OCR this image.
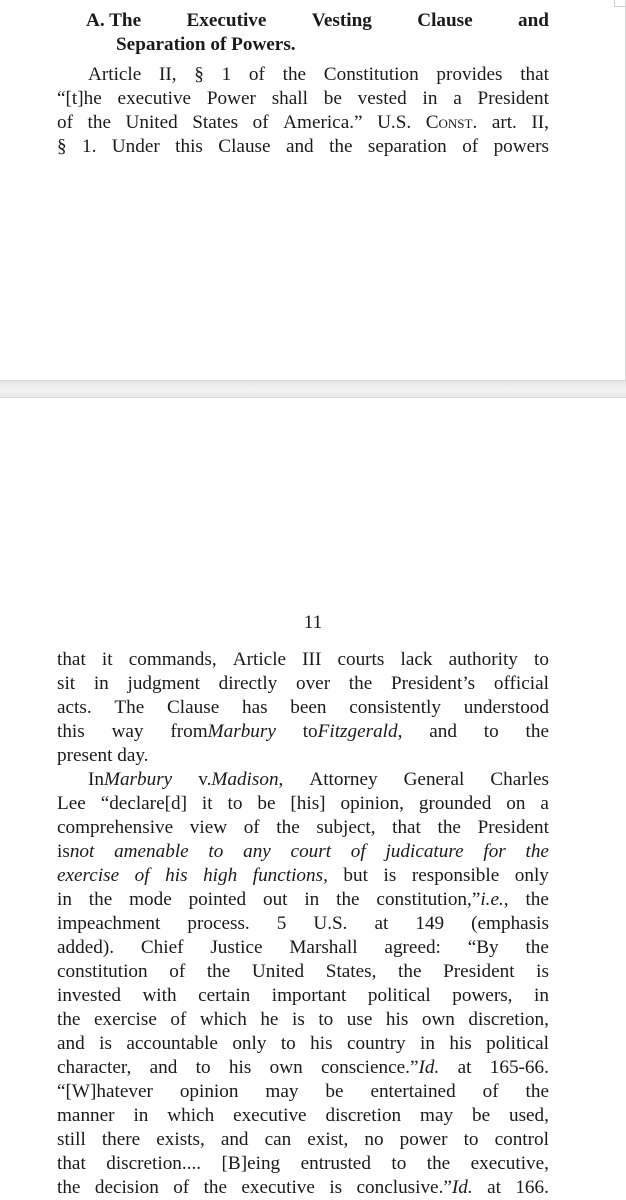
A. The Executive Vesting Clause and
Separation of Powers.
Article II, § 1 of the Constitution provides that
“[t]he executive Power shall be vested in a President
of the United States of America.” U.S. Const. art. II,
§ 1. Under this Clause and the separation of powers
11
that it commands, Article III courts lack authority to
sit in judgment directly over the President’s official
acts. The Clause has been consistently understood
this way fromMarbury toFitzgerald, and to the
present day.
InMarbury v.Madison, Attorney General Charles
Lee “declare[d] it to be [his] opinion, grounded on a
comprehensive view of the subject, that the President
isnot amenable to any court of judicature for the
exercise of his high functions, but is responsible only
in the mode pointed out in the constitution,”i.e., the
impeachment process. 5 U.S. at 149 (emphasis
added). Chief Justice Marshall agreed: “By the
constitution of the United States, the President is
invested with certain important political powers, in
the exercise of which he is to use his own discretion,
and is accountable only to his country in his political
character, and to his own conscience.”Id. at 165-66.
“[W]hatever opinion may be entertained of the
manner in which executive discretion may be used,
still there exists, and can exist, no power to control
that discretion.... [B]eing entrusted to the executive,
the decision of the executive is conclusive.”Id. at 166.
